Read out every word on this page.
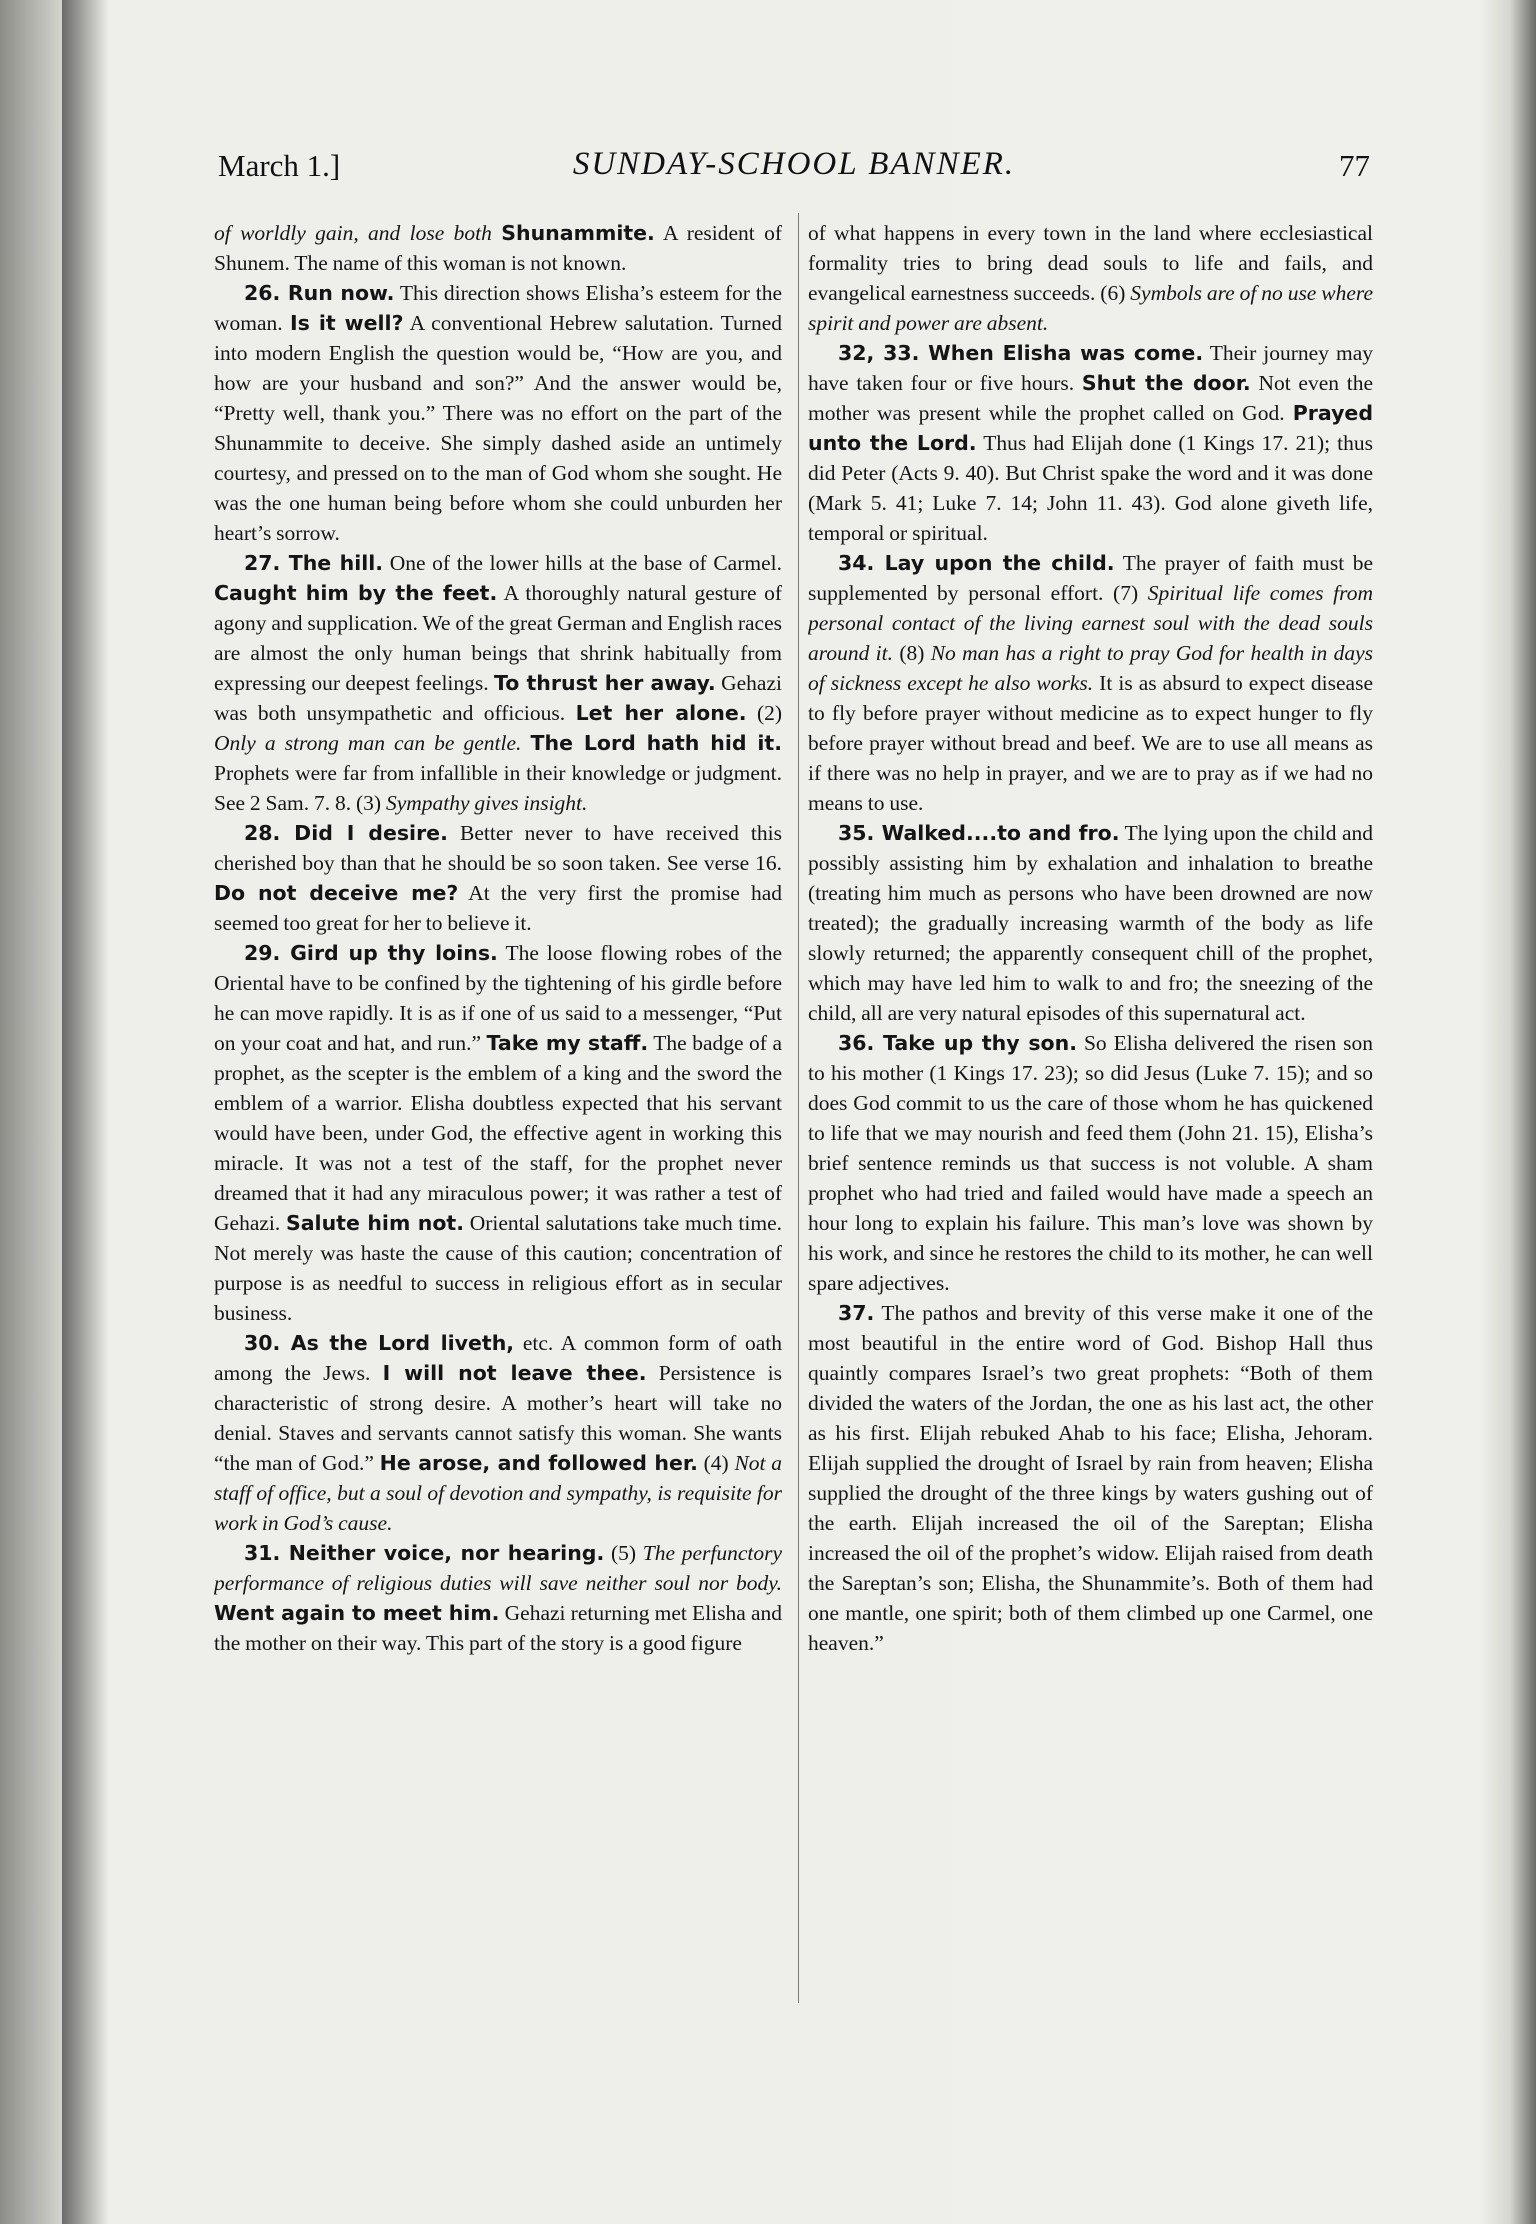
SUNDAY-SCHOOL BANNER.
March 1.]	77

of worldly gain, and lose both Shunammite. A resident of Shunem. The name of this woman is not known.

26. Run now. This direction shows Elisha’s esteem for the woman. Is it well? A conventional Hebrew salutation. Turned into modern English the question would be, “How are you, and how are your husband and son?” And the answer would be, “Pretty well, thank you.” There was no effort on the part of the Shunammite to deceive. She simply dashed aside an untimely courtesy, and pressed on to the man of God whom she sought. He was the one human being before whom she could unburden her heart’s sorrow.

27. The hill. One of the lower hills at the base of Carmel. Caught him by the feet. A thoroughly natural gesture of agony and supplication. We of the great German and English races are almost the only human beings that shrink habitually from expressing our deepest feelings. To thrust her away. Gehazi was both unsympathetic and officious. Let her alone. (2) Only a strong man can be gentle. The Lord hath hid it. Prophets were far from infallible in their knowledge or judgment. See 2 Sam. 7. 8. (3) Sympathy gives insight.

28. Did I desire. Better never to have received this cherished boy than that he should be so soon taken. See verse 16. Do not deceive me? At the very first the promise had seemed too great for her to believe it.

29. Gird up thy loins. The loose flowing robes of the Oriental have to be confined by the tightening of his girdle before he can move rapidly. It is as if one of us said to a messenger, “Put on your coat and hat, and run.” Take my staff. The badge of a prophet, as the scepter is the emblem of a king and the sword the emblem of a warrior. Elisha doubtless expected that his servant would have been, under God, the effective agent in working this miracle. It was not a test of the staff, for the prophet never dreamed that it had any miraculous power; it was rather a test of Gehazi. Salute him not. Oriental salutations take much time. Not merely was haste the cause of this caution; concentration of purpose is as needful to success in religious effort as in secular business.

30. As the Lord liveth, etc. A common form of oath among the Jews. I will not leave thee. Persistence is characteristic of strong desire. A mother’s heart will take no denial. Staves and servants cannot satisfy this woman. She wants “the man of God.” He arose, and followed her. (4) Not a staff of office, but a soul of devotion and sympathy, is requisite for work in God’s cause.

31. Neither voice, nor hearing. (5) The perfunctory performance of religious duties will save neither soul nor body. Went again to meet him. Gehazi returning met Elisha and the mother on their way. This part of the story is a good figure

of what happens in every town in the land where ecclesiastical formality tries to bring dead souls to life and fails, and evangelical earnestness succeeds. (6) Symbols are of no use where spirit and power are absent.

32, 33. When Elisha was come. Their journey may have taken four or five hours. Shut the door. Not even the mother was present while the prophet called on God. Prayed unto the Lord. Thus had Elijah done (1 Kings 17. 21); thus did Peter (Acts 9. 40). But Christ spake the word and it was done (Mark 5. 41; Luke 7. 14; John 11. 43). God alone giveth life, temporal or spiritual.

34. Lay upon the child. The prayer of faith must be supplemented by personal effort. (7) Spiritual life comes from personal contact of the living earnest soul with the dead souls around it. (8) No man has a right to pray God for health in days of sickness except he also works. It is as absurd to expect disease to fly before prayer without medicine as to expect hunger to fly before prayer without bread and beef. We are to use all means as if there was no help in prayer, and we are to pray as if we had no means to use.

35. Walked....to and fro. The lying upon the child and possibly assisting him by exhalation and inhalation to breathe (treating him much as persons who have been drowned are now treated); the gradually increasing warmth of the body as life slowly returned; the apparently consequent chill of the prophet, which may have led him to walk to and fro; the sneezing of the child, all are very natural episodes of this supernatural act.

36. Take up thy son. So Elisha delivered the risen son to his mother (1 Kings 17. 23); so did Jesus (Luke 7. 15); and so does God commit to us the care of those whom he has quickened to life that we may nourish and feed them (John 21. 15), Elisha’s brief sentence reminds us that success is not voluble. A sham prophet who had tried and failed would have made a speech an hour long to explain his failure. This man’s love was shown by his work, and since he restores the child to its mother, he can well spare adjectives.

37. The pathos and brevity of this verse make it one of the most beautiful in the entire word of God. Bishop Hall thus quaintly compares Israel’s two great prophets: “Both of them divided the waters of the Jordan, the one as his last act, the other as his first. Elijah rebuked Ahab to his face; Elisha, Jehoram. Elijah supplied the drought of Israel by rain from heaven; Elisha supplied the drought of the three kings by waters gushing out of the earth. Elijah increased the oil of the Sareptan; Elisha increased the oil of the prophet’s widow. Elijah raised from death the Sareptan’s son; Elisha, the Shunammite’s. Both of them had one mantle, one spirit; both of them climbed up one Carmel, one heaven.”
